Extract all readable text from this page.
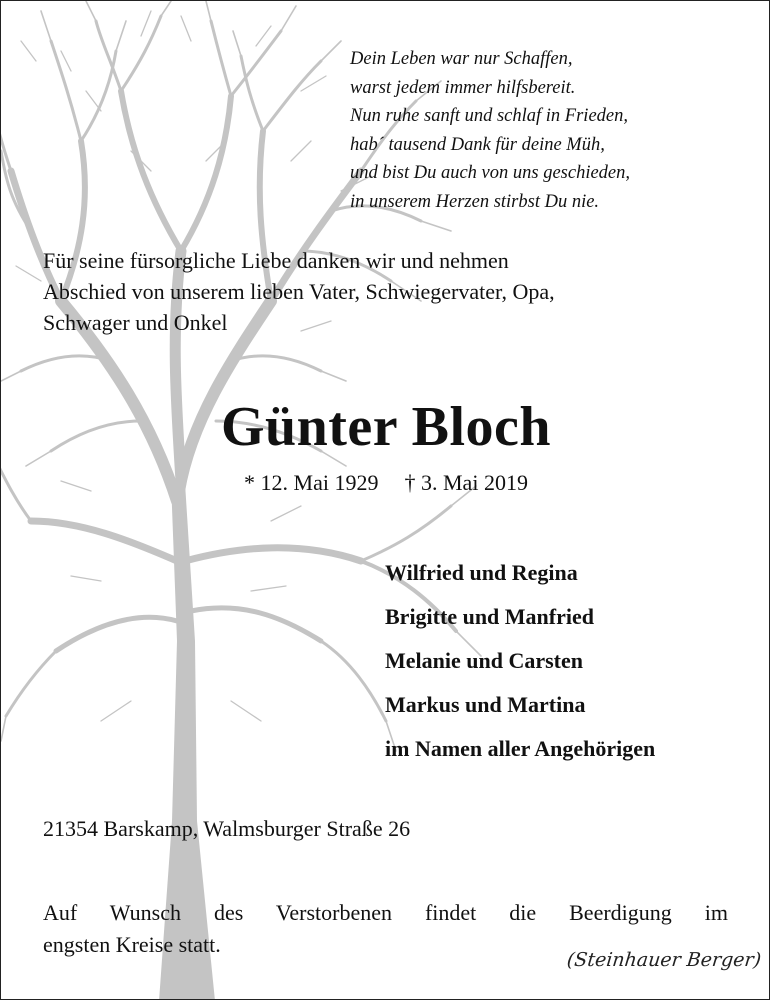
Dein Leben war nur Schaffen,
warst jedem immer hilfsbereit.
Nun ruhe sanft und schlaf in Frieden,
hab´ tausend Dank für deine Müh,
und bist Du auch von uns geschieden,
in unserem Herzen stirbst Du nie.
Für seine fürsorgliche Liebe danken wir und nehmen
Abschied von unserem lieben Vater, Schwiegervater, Opa,
Schwager und Onkel
Günter Bloch
* 12. Mai 1929 † 3. Mai 2019
Wilfried und Regina
Brigitte und Manfried
Melanie und Carsten
Markus und Martina
im Namen aller Angehörigen
21354 Barskamp, Walmsburger Straße 26
Auf Wunsch des Verstorbenen findet die Beerdigung im
engsten Kreise statt.
(Steinhauer Berger)
